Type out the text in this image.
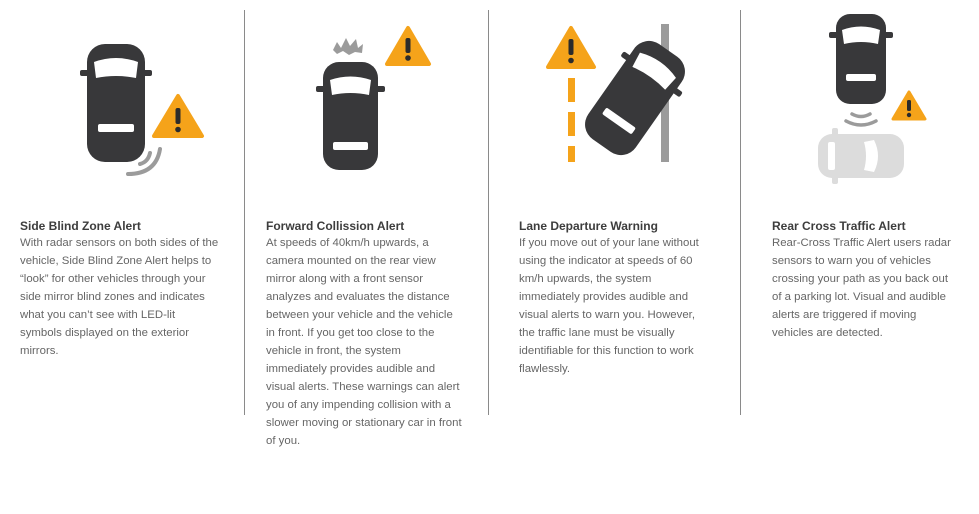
Side Blind Zone Alert

With radar sensors on both sides of the
vehicle, Side Blind Zone Alert helps to
“look” for other vehicles through your
side mirror blind zones and indicates
what you can’t see with LED-lit
symbols displayed on the exterior
mirrors.

Forward Collission Alert

At speeds of 40km/h upwards, a
camera mounted on the rear view
mirror along with a front sensor
analyzes and evaluates the distance
between your vehicle and the vehicle
in front. If you get too close to the
vehicle in front, the system
immediately provides audible and
visual alerts. These warnings can alert
you of any impending collision with a
slower moving or stationary car in front
of you.

Lane Departure Warning

If you move out of your lane without
using the indicator at speeds of 60
km/h upwards, the system
immediately provides audible and
visual alerts to warn you. However,
the traffic lane must be visually
identifiable for this function to work
flawlessly.

Rear Cross Traffic Alert

Rear-Cross Traffic Alert users radar
sensors to warn you of vehicles
crossing your path as you back out
of a parking lot. Visual and audible
alerts are triggered if moving
vehicles are detected.
